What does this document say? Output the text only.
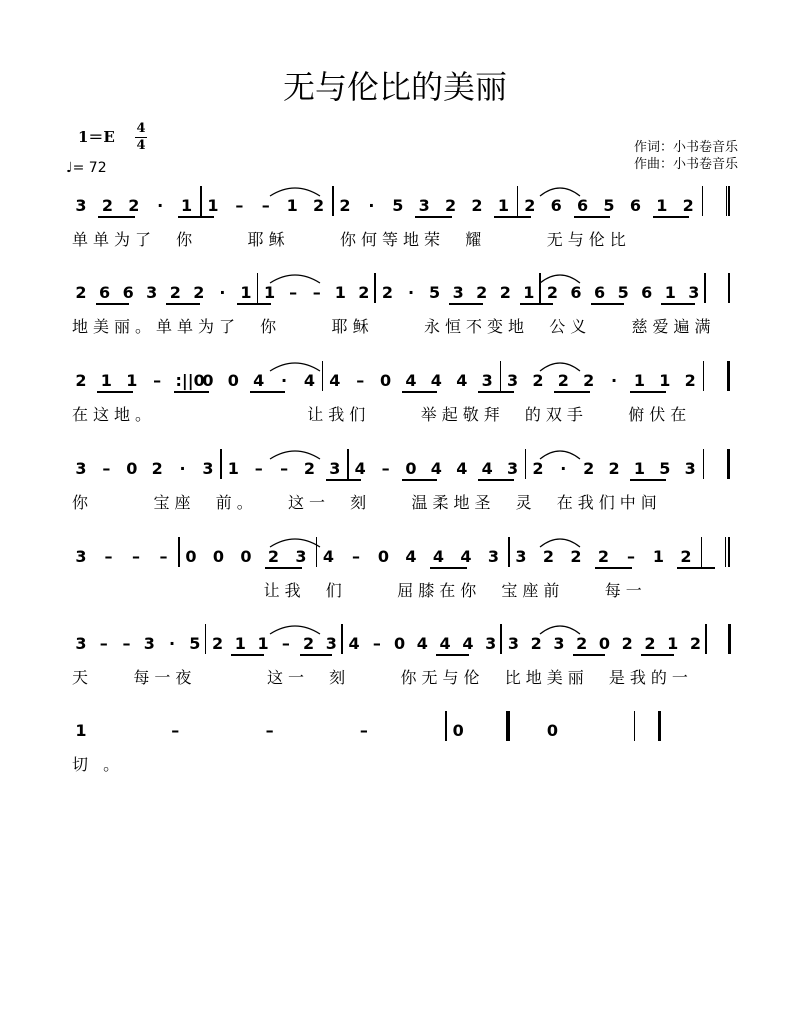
无与伦比的美丽
1＝E 4
4
♩= 72
作词：小书卷音乐
作曲：小书卷音乐
3 2 2 · 1 1 – – 1 2 2 · 5 3 2 2 1 2 6 6 5 6 1 2
单单为了  你     耶稣     你何等地荣  耀      无与伦比
2 6 6 3 2 2 · 1 1 – – 1 2 2 · 5 3 2 2 1 2 6 6 5 6 1 3
地美丽。单单为了  你     耶稣     永恒不变地  公义    慈爱遍满
2 1 1 – :||0
0 0 4 · 4 4 – 0 4 4 4 3 3 2 2 2 · 1 1 2
在这地。               让我们     举起敬拜  的双手    俯伏在
3 – 0 2 · 3 1 – – 2 3 4 – 0 4 4 4 3 2 · 2 2 1 5 3
你      宝座  前。   这一  刻    温柔地圣  灵  在我们中间
3 – – – 0 0 0 2 3 4 – 0 4 4 4 3 3 2 2 2 – 1 2
让我  们     屈膝在你  宝座前    每一
3 – – 3 · 5 2 1 1 – 2 3 4 – 0 4 4 4 3 3 2 3 2 0 2 2 1 2
天    每一夜       这一  刻     你无与伦  比地美丽  是我的一
1	–	–	–	0	0
切 。
